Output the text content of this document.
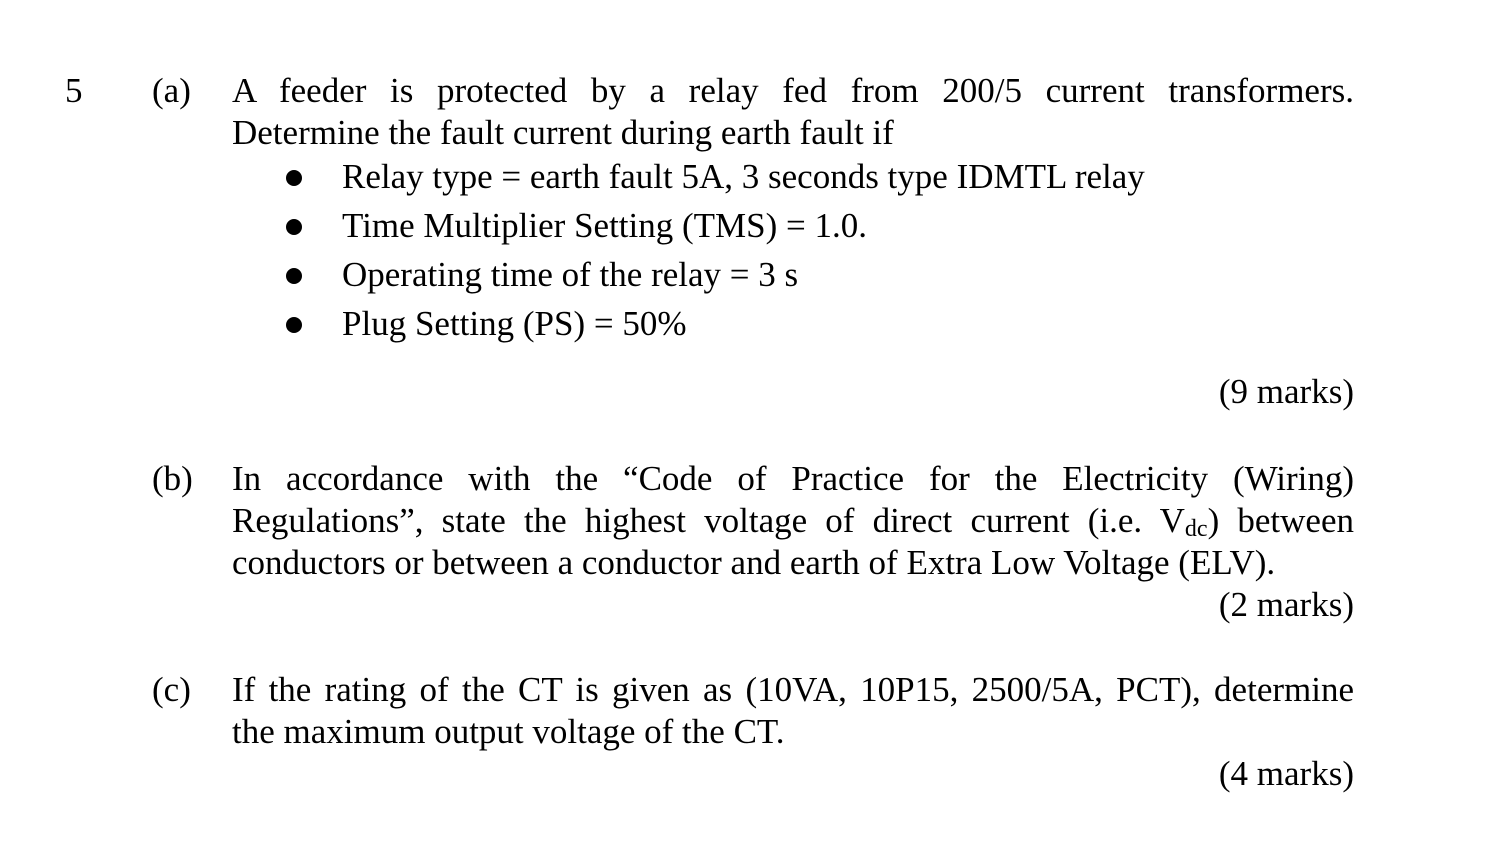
5 (a) A feeder is protected by a relay fed from 200/5 current transformers.
Determine the fault current during earth fault if
Relay type = earth fault 5A, 3 seconds type IDMTL relay
Time Multiplier Setting (TMS) = 1.0.
Operating time of the relay = 3 s
Plug Setting (PS) = 50%
(9 marks)
(b) In accordance with the “Code of Practice for the Electricity (Wiring)
Regulations”, state the highest voltage of direct current (i.e. $V_{dc}$) between
conductors or between a conductor and earth of Extra Low Voltage (ELV).
(2 marks)
(c) If the rating of the CT is given as (10VA, 10P15, 2500/5A, PCT), determine
the maximum output voltage of the CT.
(4 marks)
